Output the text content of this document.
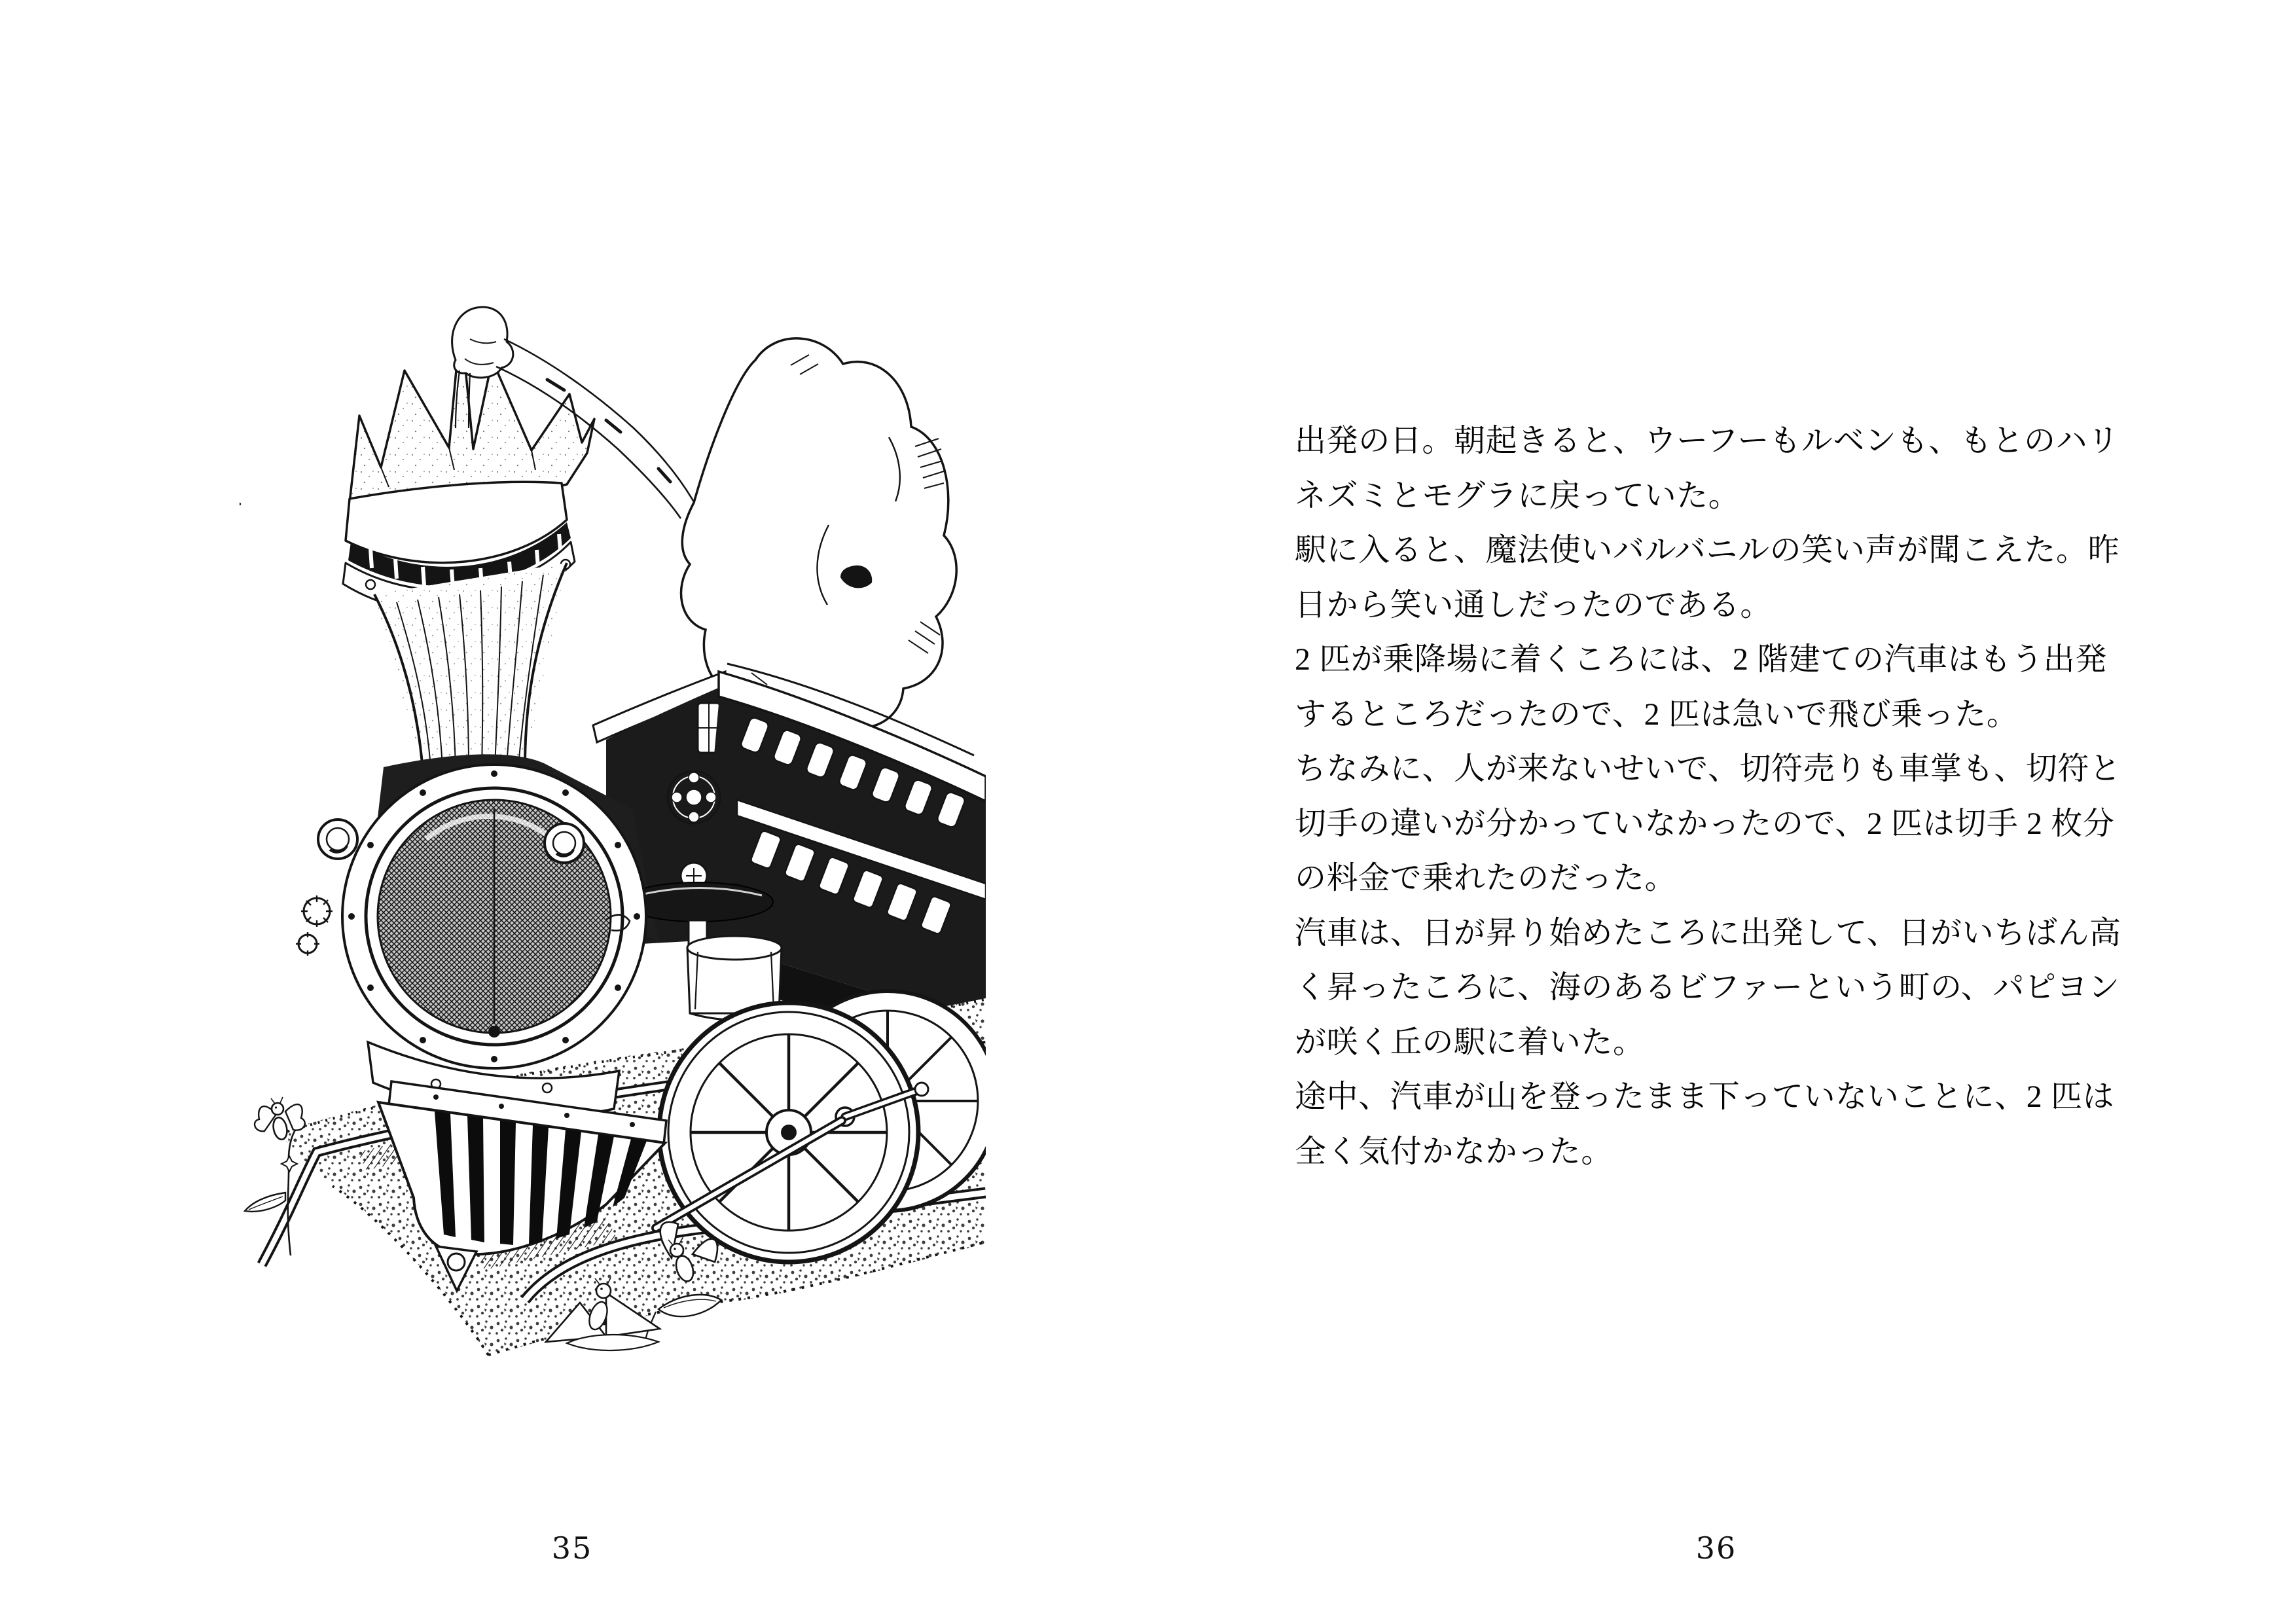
出発の日。朝起きると、ウーフーもルベンも、もとのハリ
ネズミとモグラに戻っていた。
駅に入ると、魔法使いバルバニルの笑い声が聞こえた。昨
日から笑い通しだったのである。
2 匹が乗降場に着くころには、2 階建ての汽車はもう出発
するところだったので、2 匹は急いで飛び乗った。
ちなみに、人が来ないせいで、切符売りも車掌も、切符と
切手の違いが分かっていなかったので、2 匹は切手 2 枚分
の料金で乗れたのだった。
汽車は、日が昇り始めたころに出発して、日がいちばん高
く昇ったころに、海のあるビファーという町の、パピヨン
が咲く丘の駅に着いた。
途中、汽車が山を登ったまま下っていないことに、2 匹は
全く気付かなかった。
35	36
